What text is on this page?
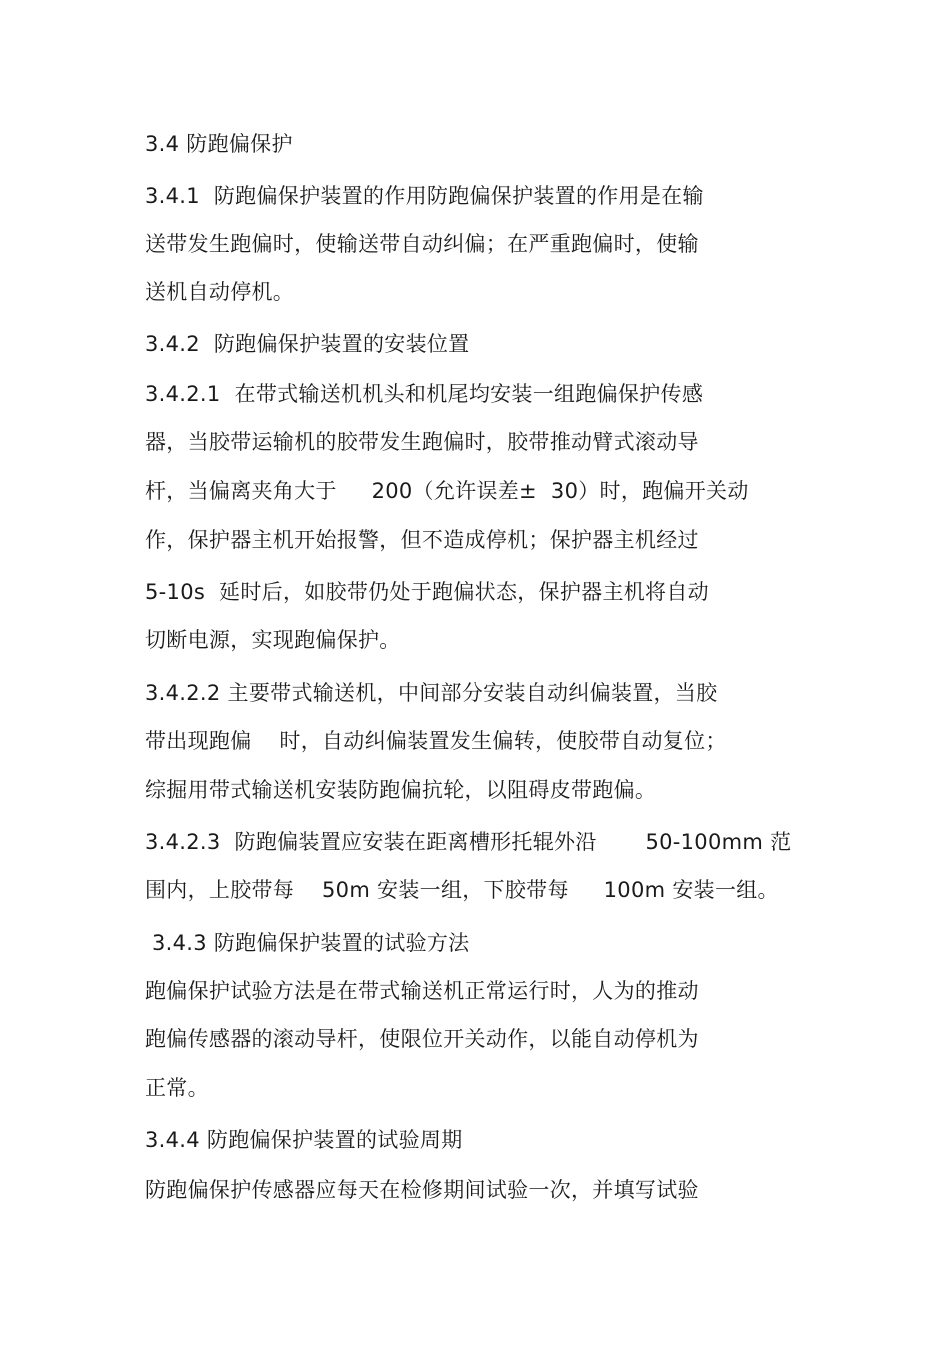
3.4 防跑偏保护
3.4.1  防跑偏保护装置的作用防跑偏保护装置的作用是在输
送带发生跑偏时，使输送带自动纠偏；在严重跑偏时，使输
送机自动停机。
3.4.2  防跑偏保护装置的安装位置
3.4.2.1  在带式输送机机头和机尾均安装一组跑偏保护传感
器，当胶带运输机的胶带发生跑偏时，胶带推动臂式滚动导
杆，当偏离夹角大于     200（允许误差±  30）时，跑偏开关动
作，保护器主机开始报警，但不造成停机；保护器主机经过
5-10s  延时后，如胶带仍处于跑偏状态，保护器主机将自动
切断电源，实现跑偏保护。
3.4.2.2 主要带式输送机，中间部分安装自动纠偏装置，当胶
带出现跑偏    时，自动纠偏装置发生偏转，使胶带自动复位；
综掘用带式输送机安装防跑偏抗轮，以阻碍皮带跑偏。
3.4.2.3  防跑偏装置应安装在距离槽形托辊外沿       50-100mm 范
围内，上胶带每    50m 安装一组，下胶带每     100m 安装一组。
3.4.3 防跑偏保护装置的试验方法
跑偏保护试验方法是在带式输送机正常运行时，人为的推动
跑偏传感器的滚动导杆，使限位开关动作，以能自动停机为
正常。
3.4.4 防跑偏保护装置的试验周期
防跑偏保护传感器应每天在检修期间试验一次，并填写试验
